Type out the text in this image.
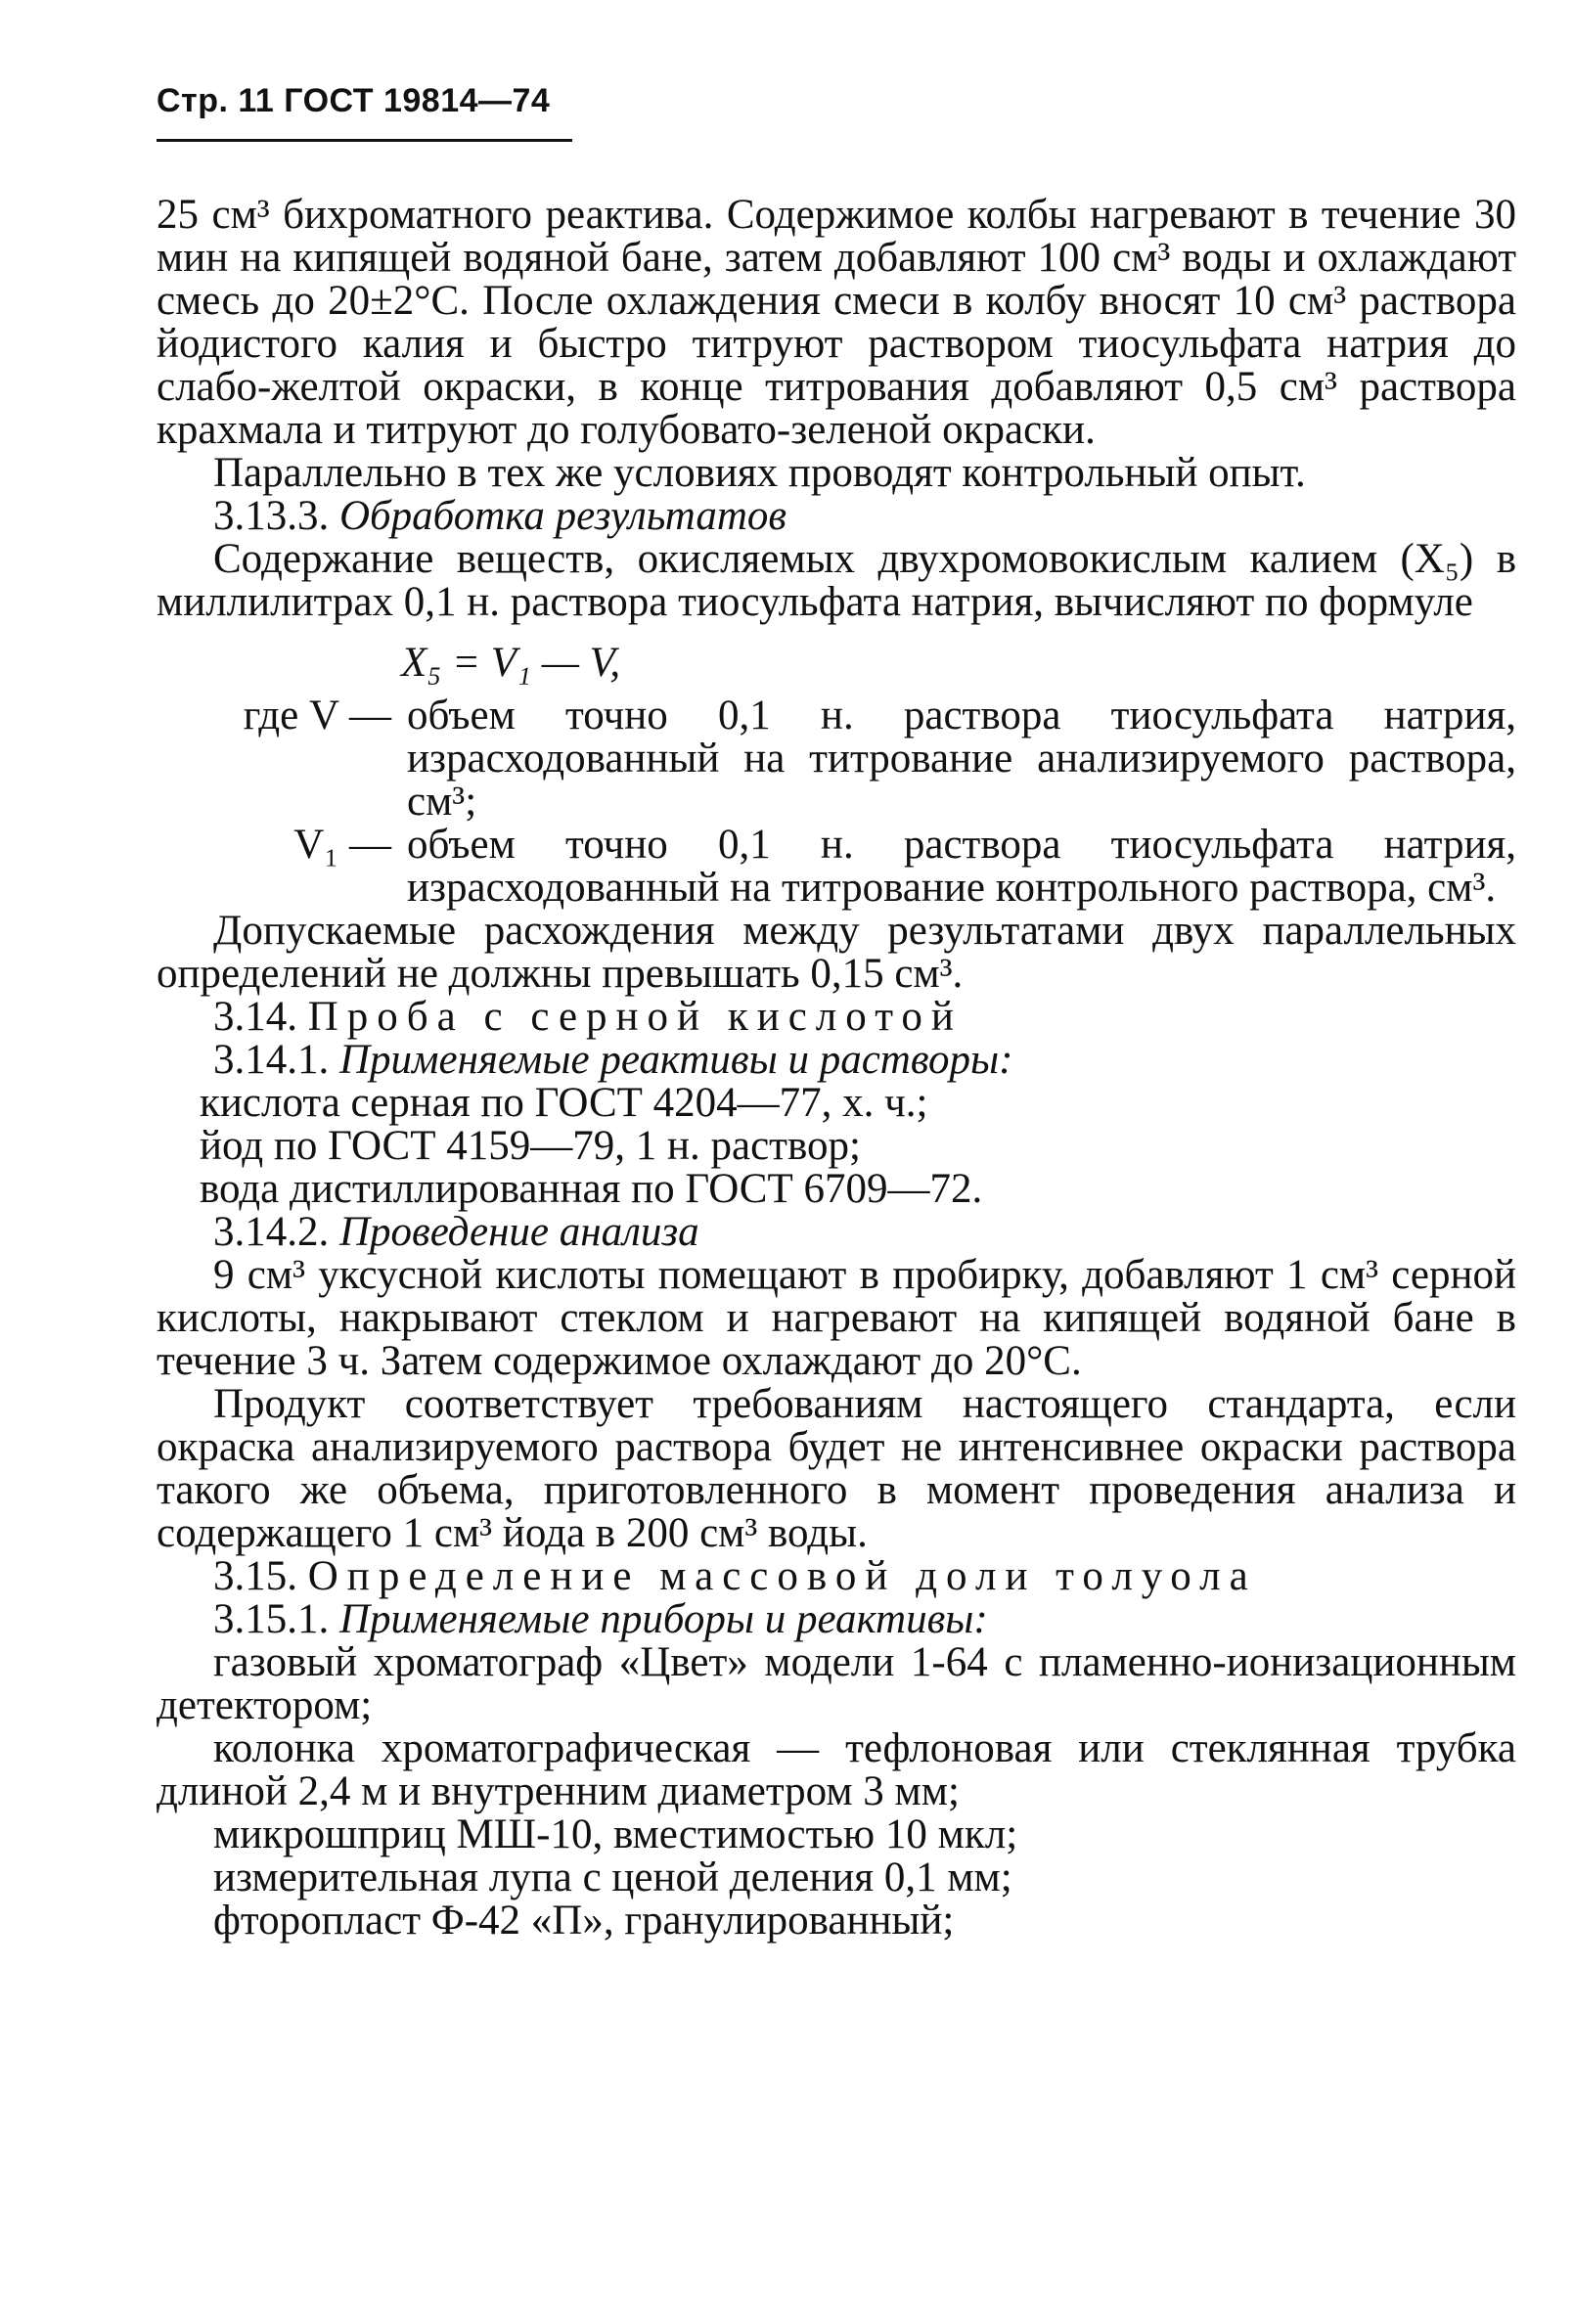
Стр. 11 ГОСТ 19814—74

25 см³ бихроматного реактива. Содержимое колбы нагревают в течение 30 мин на кипящей водяной бане, затем добавляют 100 см³ воды и охлаждают смесь до 20±2°С. После охлаждения смеси в колбу вносят 10 см³ раствора йодистого калия и быстро титруют раствором тиосульфата натрия до слабо-желтой окраски, в конце титрования добавляют 0,5 см³ раствора крахмала и титруют до голубовато-зеленой окраски.

Параллельно в тех же условиях проводят контрольный опыт.

3.13.3. Обработка результатов

Содержание веществ, окисляемых двухромовокислым калием (X₅) в миллилитрах 0,1 н. раствора тиосульфата натрия, вычисляют по формуле

X₅ = V₁ — V,

где V — объем точно 0,1 н. раствора тиосульфата натрия, израсходованный на титрование анализируемого раствора, см³;
V₁ — объем точно 0,1 н. раствора тиосульфата натрия, израсходованный на титрование контрольного раствора, см³.

Допускаемые расхождения между результатами двух параллельных определений не должны превышать 0,15 см³.

3.14. Проба с серной кислотой

3.14.1. Применяемые реактивы и растворы:

кислота серная по ГОСТ 4204—77, х. ч.;

йод по ГОСТ 4159—79, 1 н. раствор;

вода дистиллированная по ГОСТ 6709—72.

3.14.2. Проведение анализа

9 см³ уксусной кислоты помещают в пробирку, добавляют 1 см³ серной кислоты, накрывают стеклом и нагревают на кипящей водяной бане в течение 3 ч. Затем содержимое охлаждают до 20°С.

Продукт соответствует требованиям настоящего стандарта, если окраска анализируемого раствора будет не интенсивнее окраски раствора такого же объема, приготовленного в момент проведения анализа и содержащего 1 см³ йода в 200 см³ воды.

3.15. Определение массовой доли толуола

3.15.1. Применяемые приборы и реактивы:

газовый хроматограф «Цвет» модели 1-64 с пламенно-ионизационным детектором;

колонка хроматографическая — тефлоновая или стеклянная трубка длиной 2,4 м и внутренним диаметром 3 мм;

микрошприц МШ-10, вместимостью 10 мкл;

измерительная лупа с ценой деления 0,1 мм;

фторопласт Ф-42 «П», гранулированный;
